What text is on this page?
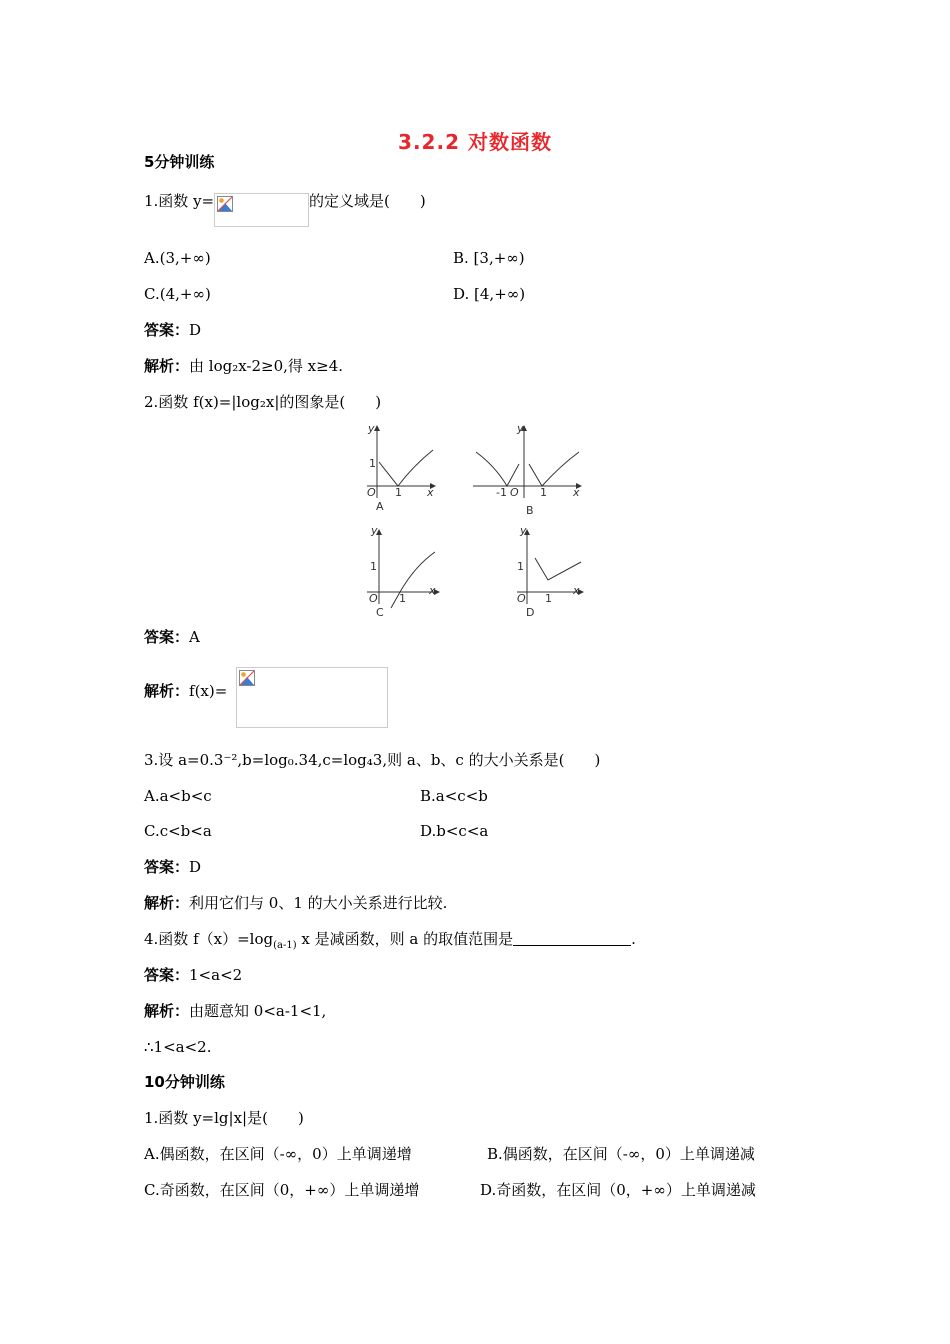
3.2.2 对数函数
5分钟训练
1.函数 y=	的定义域是(　　)
A.(3,+∞)	B. [3,+∞)
C.(4,+∞)	D. [4,+∞)
答案：D
解析：由 log₂x-2≥0,得 x≥4.
2.函数 f(x)=|log₂x|的图象是(　　)
y
1
O 1 x
A
y
-1 O 1 x
B
y
1
O 1
x
C
y
1
O 1
x
D
答案：A
解析：f(x)=
3.设 a=0.3⁻²,b=log₀.34,c=log₄3,则 a、b、c 的大小关系是(　　)
A.a<b<c	B.a<c<b
C.c<b<a	D.b<c<a
答案：D
解析：利用它们与 0、1 的大小关系进行比较.
4.函数 $f(x)=\log_{(a-1)}$ x 是减函数，则 a 的取值范围是	.
答案：1<a<2
解析：由题意知 0<a-1<1,
∴1<a<2.
10分钟训练
1.函数 y=lg|x|是(　　)
A.偶函数，在区间（-∞，0）上单调递增	B.偶函数，在区间（-∞，0）上单调递减
C.奇函数，在区间（0，+∞）上单调递增	D.奇函数，在区间（0，+∞）上单调递减
